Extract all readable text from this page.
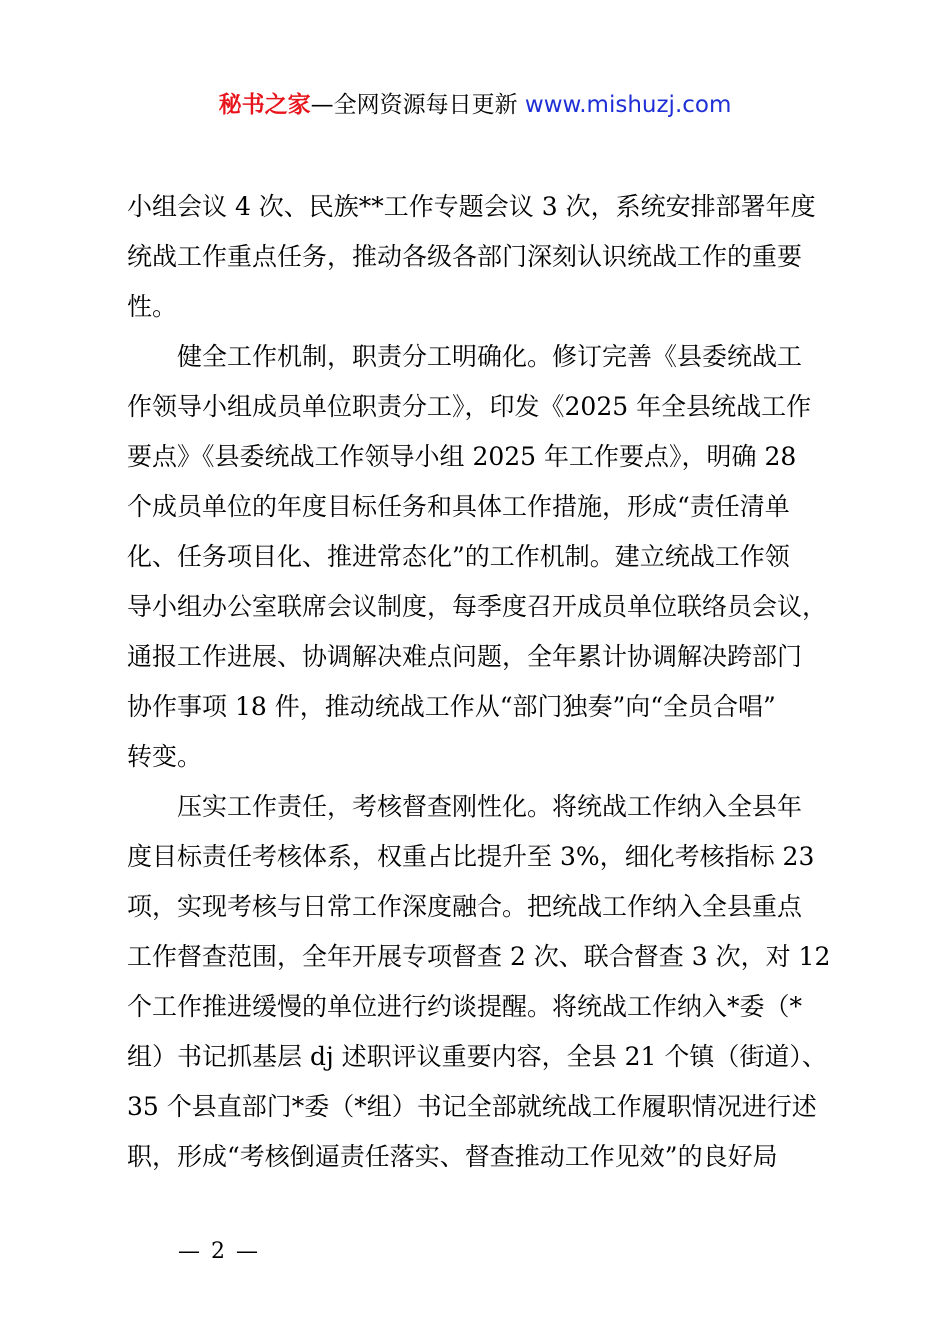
秘书之家—全网资源每日更新 www.mishuzj.com
小组会议 4 次、民族**工作专题会议 3 次，系统安排部署年度
统战工作重点任务，推动各级各部门深刻认识统战工作的重要
性。
健全工作机制，职责分工明确化。修订完善《县委统战工
作领导小组成员单位职责分工》，印发《2025 年全县统战工作
要点》《县委统战工作领导小组 2025 年工作要点》，明确 28
个成员单位的年度目标任务和具体工作措施，形成“责任清单
化、任务项目化、推进常态化”的工作机制。建立统战工作领
导小组办公室联席会议制度，每季度召开成员单位联络员会议，
通报工作进展、协调解决难点问题，全年累计协调解决跨部门
协作事项 18 件，推动统战工作从“部门独奏”向“全员合唱”
转变。
压实工作责任，考核督查刚性化。将统战工作纳入全县年
度目标责任考核体系，权重占比提升至 3%，细化考核指标 23
项，实现考核与日常工作深度融合。把统战工作纳入全县重点
工作督查范围，全年开展专项督查 2 次、联合督查 3 次，对 12
个工作推进缓慢的单位进行约谈提醒。将统战工作纳入*委（*
组）书记抓基层 dj 述职评议重要内容，全县 21 个镇（街道）、
35 个县直部门*委（*组）书记全部就统战工作履职情况进行述
职，形成“考核倒逼责任落实、督查推动工作见效”的良好局
— 2 —
